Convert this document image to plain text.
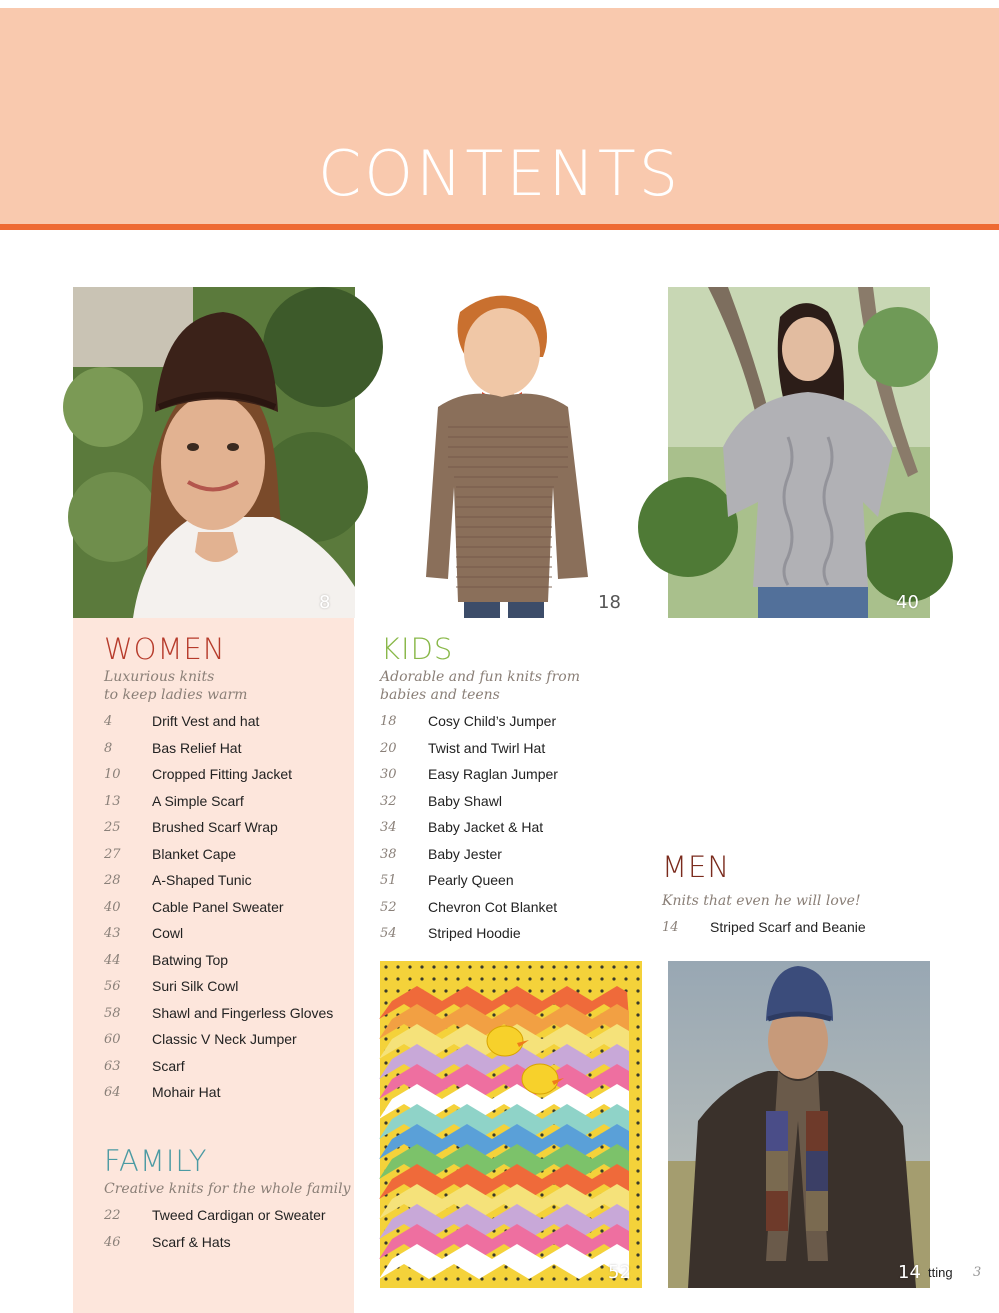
CONTENTS
8	18	40
WOMEN
Luxurious knits
to keep ladies warm
4	Drift Vest and hat
8	Bas Relief Hat
10 Cropped Fitting Jacket
13 A Simple Scarf
25 Brushed Scarf Wrap
27 Blanket Cape
28 A-Shaped Tunic
40 Cable Panel Sweater
43 Cowl
44 Batwing Top
56 Suri Silk Cowl
58 Shawl and Fingerless Gloves
60 Classic V Neck Jumper
63 Scarf
64 Mohair Hat
FAMILY
Creative knits for the whole family
22 Tweed Cardigan or Sweater
46 Scarf & Hats
KIDS
Adorable and fun knits from
babies and teens
18 Cosy Child’s Jumper
20 Twist and Twirl Hat
30 Easy Raglan Jumper
32 Baby Shawl
34 Baby Jacket & Hat
38 Baby Jester
51 Pearly Queen
52 Chevron Cot Blanket
54 Striped Hoodie
MEN
Knits that even he will love!
14 Striped Scarf and Beanie
52	14 tting 3
